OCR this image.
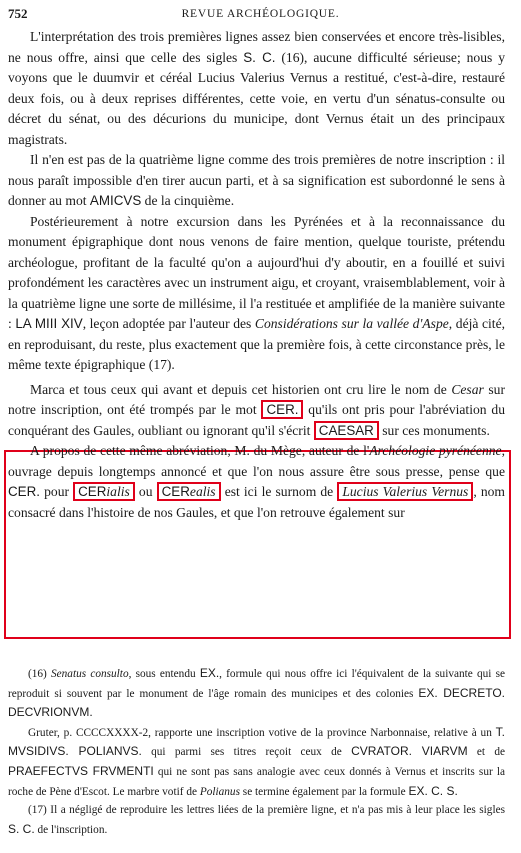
752	REVUE ARCHÉOLOGIQUE.

L'interprétation des trois premières lignes assez bien conservées et encore très-lisibles, ne nous offre, ainsi que celle des sigles S. C. (16), aucune difficulté sérieuse; nous y voyons que le duumvir et céréal Lucius Valerius Vernus a restitué, c'est-à-dire, restauré deux fois, ou à deux reprises différentes, cette voie, en vertu d'un sénatus-consulte ou décret du sénat, ou des décurions du municipe, dont Vernus était un des principaux magistrats.

Il n'en est pas de la quatrième ligne comme des trois premières de notre inscription : il nous paraît impossible d'en tirer aucun parti, et à sa signification est subordonné le sens à donner au mot AMICVS de la cinquième.

Postérieurement à notre excursion dans les Pyrénées et à la reconnaissance du monument épigraphique dont nous venons de faire mention, quelque touriste, prétendu archéologue, profitant de la faculté qu'on a aujourd'hui d'y aboutir, en a fouillé et suivi profondément les caractères avec un instrument aigu, et croyant, vraisemblablement, voir à la quatrième ligne une sorte de millésime, il l'a restituée et amplifiée de la manière suivante : LA MIII XIV, leçon adoptée par l'auteur des Considérations sur la vallée d'Aspe, déjà cité, en reproduisant, du reste, plus exactement que la première fois, à cette circonstance près, le même texte épigraphique (17).

Marca et tous ceux qui avant et depuis cet historien ont cru lire le nom de Cesar sur notre inscription, ont été trompés par le mot CER. qu'ils ont pris pour l'abréviation du conquérant des Gaules, oubliant ou ignorant qu'il s'écrit CAESAR sur ces monuments.

A propos de cette même abréviation, M. du Mège, auteur de l'Archéologie pyrénéenne, ouvrage depuis longtemps annoncé et que l'on nous assure être sous presse, pense que CER. pour CERialis ou CERealis est ici le surnom de Lucius Valerius Vernus , nom consacré dans l'histoire de nos Gaules, et que l'on retrouve également sur

(16) Senatus consulto, sous entendu EX., formule qui nous offre ici l'équivalent de la suivante qui se reproduit si souvent par le monument de l'âge romain des municipes et des colonies EX. DECRETO. DECVRIONVM.

Gruter, p. CCCCXXXX-2, rapporte une inscription votive de la province Narbonnaise, relative à un T. MVSIDIVS. POLIANVS. qui parmi ses titres reçoit ceux de CVRATOR. VIARVM et de PRAEFECTVS FRVMENTI qui ne sont pas sans analogie avec ceux donnés à Vernus et inscrits sur la roche de Pène d'Escot. Le marbre votif de Polianus se termine également par la formule EX. C. S.

(17) Il a négligé de reproduire les lettres liées de la première ligne, et n'a pas mis à leur place les sigles S. C. de l'inscription.
